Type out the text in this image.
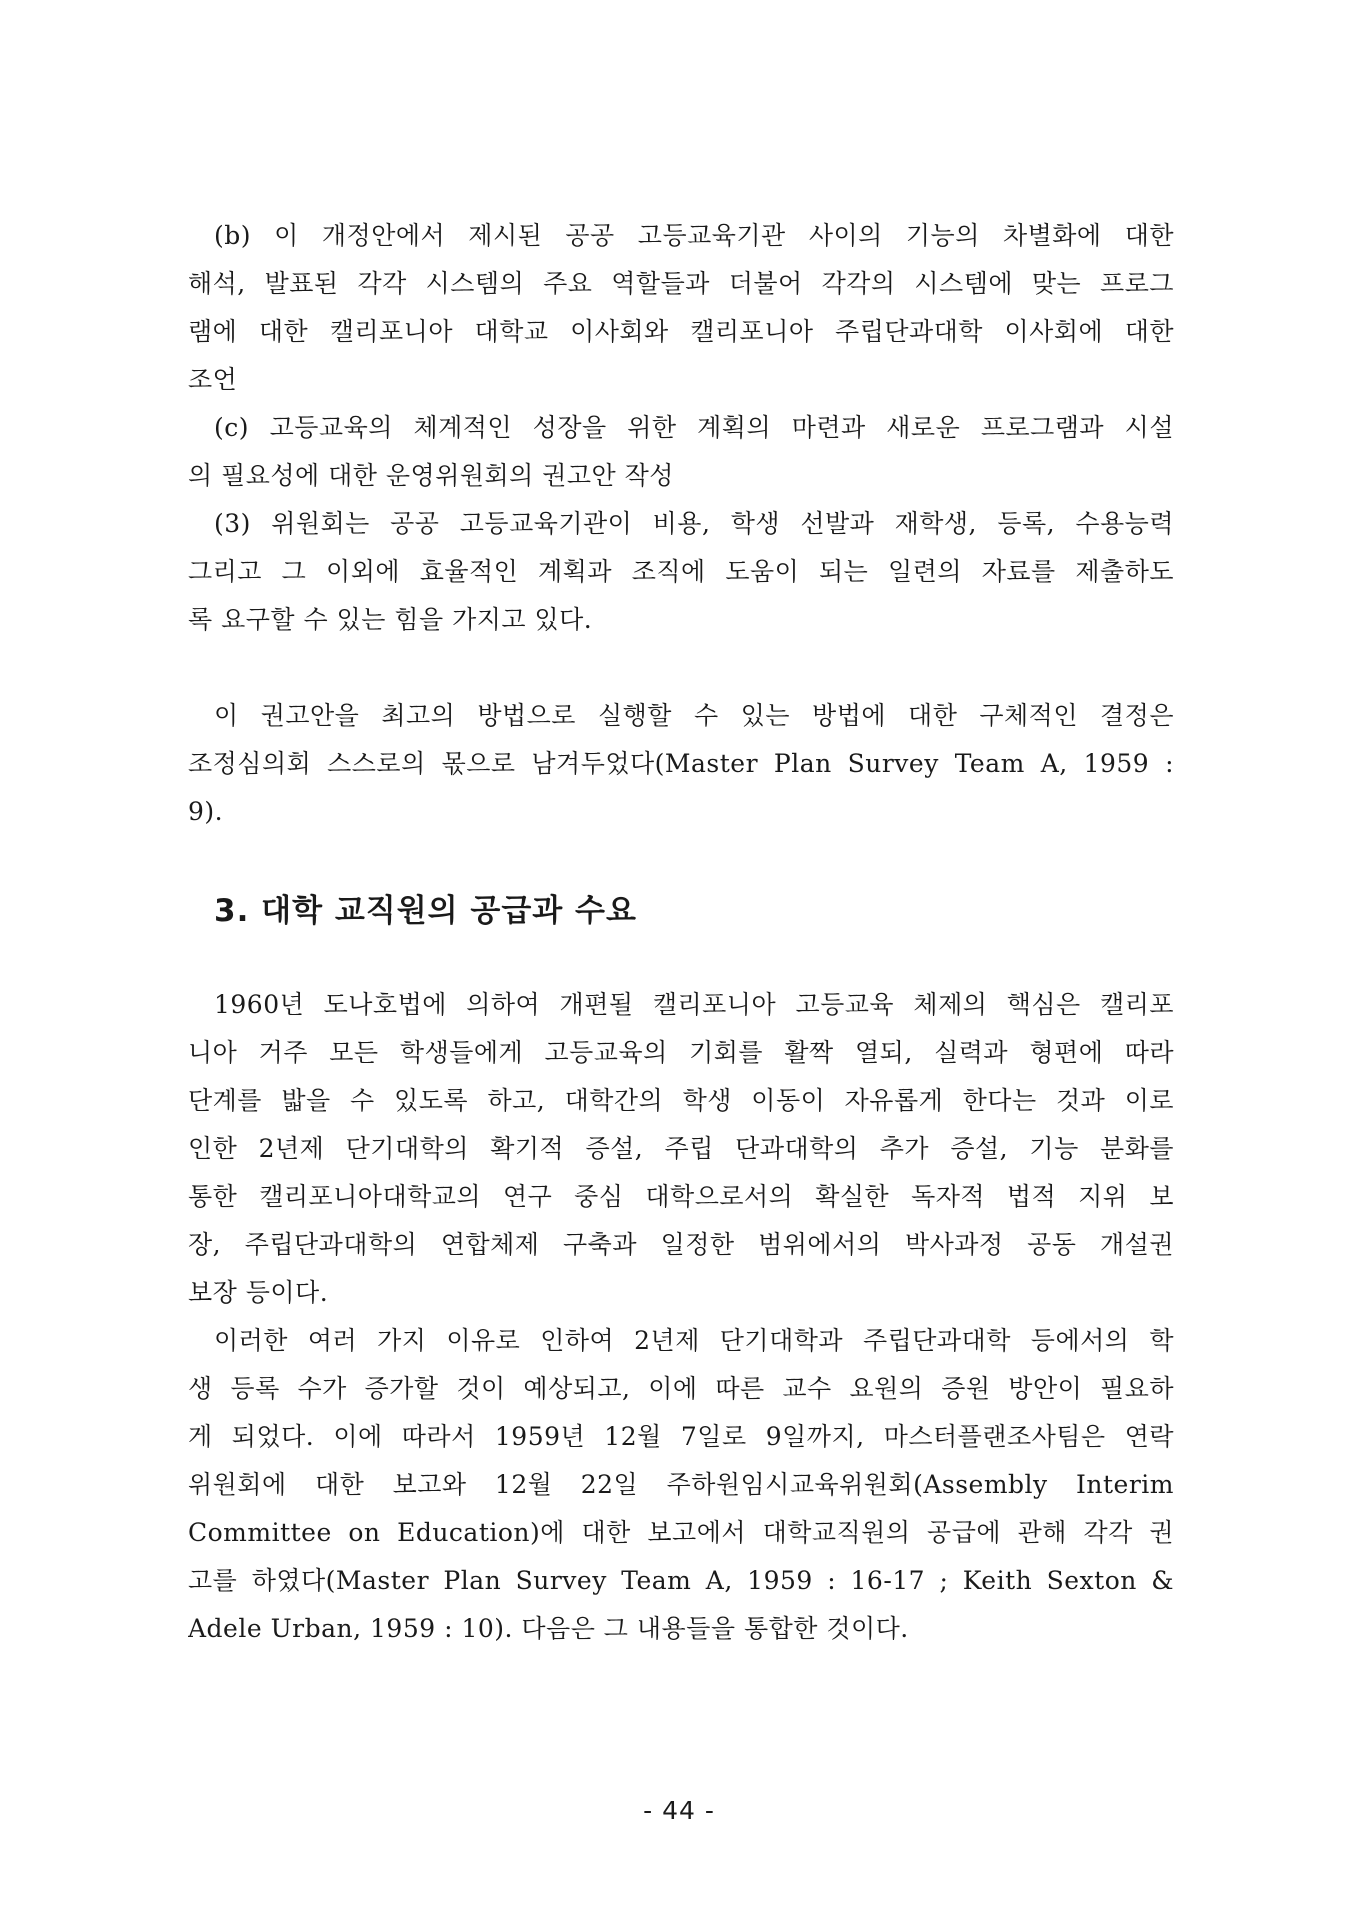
(b) 이 개정안에서 제시된 공공 고등교육기관 사이의 기능의 차별화에 대한
해석, 발표된 각각 시스템의 주요 역할들과 더불어 각각의 시스템에 맞는 프로그
램에 대한 캘리포니아 대학교 이사회와 캘리포니아 주립단과대학 이사회에 대한
조언
(c) 고등교육의 체계적인 성장을 위한 계획의 마련과 새로운 프로그램과 시설
의 필요성에 대한 운영위원회의 권고안 작성
(3) 위원회는 공공 고등교육기관이 비용, 학생 선발과 재학생, 등록, 수용능력
그리고 그 이외에 효율적인 계획과 조직에 도움이 되는 일련의 자료를 제출하도
록 요구할 수 있는 힘을 가지고 있다.
이 권고안을 최고의 방법으로 실행할 수 있는 방법에 대한 구체적인 결정은
조정심의회 스스로의 몫으로 남겨두었다(Master Plan Survey Team A, 1959 :
9).
3. 대학 교직원의 공급과 수요
1960년 도나호법에 의하여 개편될 캘리포니아 고등교육 체제의 핵심은 캘리포
니아 거주 모든 학생들에게 고등교육의 기회를 활짝 열되, 실력과 형편에 따라
단계를 밟을 수 있도록 하고, 대학간의 학생 이동이 자유롭게 한다는 것과 이로
인한 2년제 단기대학의 확기적 증설, 주립 단과대학의 추가 증설, 기능 분화를
통한 캘리포니아대학교의 연구 중심 대학으로서의 확실한 독자적 법적 지위 보
장, 주립단과대학의 연합체제 구축과 일정한 범위에서의 박사과정 공동 개설권
보장 등이다.
이러한 여러 가지 이유로 인하여 2년제 단기대학과 주립단과대학 등에서의 학
생 등록 수가 증가할 것이 예상되고, 이에 따른 교수 요원의 증원 방안이 필요하
게 되었다. 이에 따라서 1959년 12월 7일로 9일까지, 마스터플랜조사팀은 연락
위원회에 대한 보고와 12월 22일 주하원임시교육위원회(Assembly Interim
Committee on Education)에 대한 보고에서 대학교직원의 공급에 관해 각각 권
고를 하였다(Master Plan Survey Team A, 1959 : 16-17 ; Keith Sexton &
Adele Urban, 1959 : 10). 다음은 그 내용들을 통합한 것이다.
- 44 -
